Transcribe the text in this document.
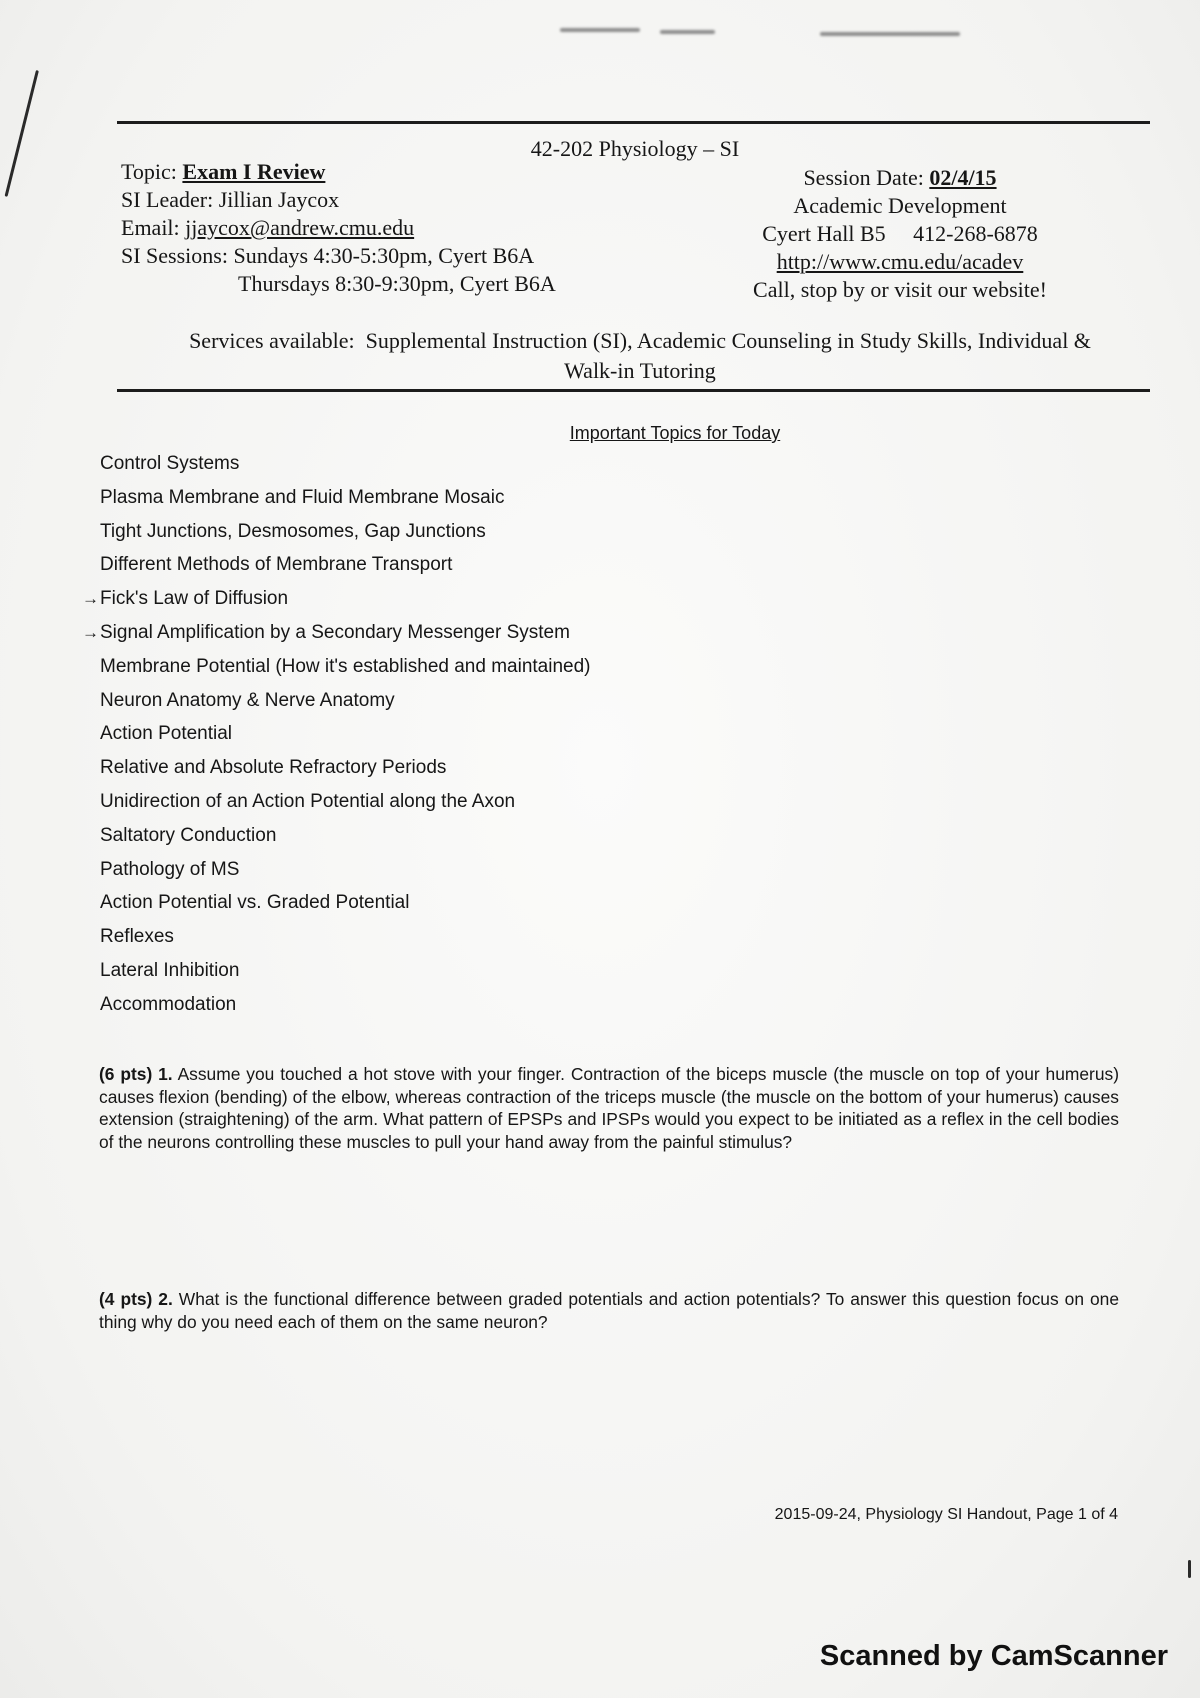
42-202 Physiology – SI
Topic: Exam I Review
SI Leader: Jillian Jaycox
Email: jjaycox@andrew.cmu.edu
SI Sessions: Sundays 4:30-5:30pm, Cyert B6A
Thursdays 8:30-9:30pm, Cyert B6A
Session Date: 02/4/15
Academic Development
Cyert Hall B5     412-268-6878
http://www.cmu.edu/acadev
Call, stop by or visit our website!
Services available:  Supplemental Instruction (SI), Academic Counseling in Study Skills, Individual &
Walk-in Tutoring
Important Topics for Today
Control Systems
Plasma Membrane and Fluid Membrane Mosaic
Tight Junctions, Desmosomes, Gap Junctions
Different Methods of Membrane Transport
→ Fick's Law of Diffusion
→ Signal Amplification by a Secondary Messenger System
Membrane Potential (How it's established and maintained)
Neuron Anatomy & Nerve Anatomy
Action Potential
Relative and Absolute Refractory Periods
Unidirection of an Action Potential along the Axon
Saltatory Conduction
Pathology of MS
Action Potential vs. Graded Potential
Reflexes
Lateral Inhibition
Accommodation
(6 pts) 1. Assume you touched a hot stove with your finger. Contraction of the biceps muscle (the muscle on top of your humerus) causes flexion (bending) of the elbow, whereas contraction of the triceps muscle (the muscle on the bottom of your humerus) causes extension (straightening) of the arm. What pattern of EPSPs and IPSPs would you expect to be initiated as a reflex in the cell bodies of the neurons controlling these muscles to pull your hand away from the painful stimulus?
(4 pts) 2. What is the functional difference between graded potentials and action potentials? To answer this question focus on one thing why do you need each of them on the same neuron?
2015-09-24, Physiology SI Handout, Page 1 of 4
Scanned by CamScanner
